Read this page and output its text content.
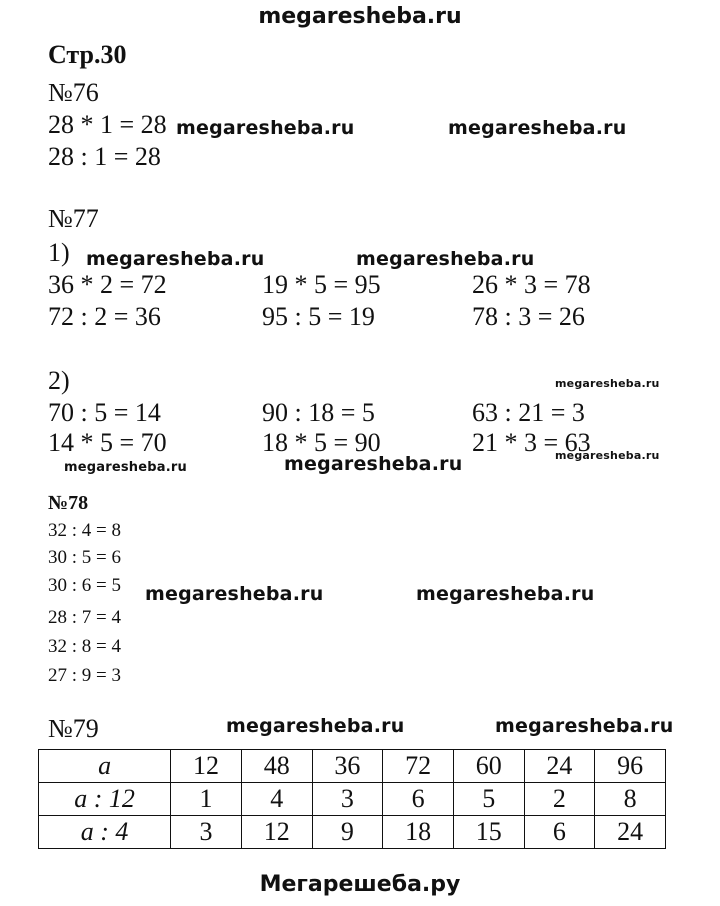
megaresheba.ru
Стр.30
№76
28 * 1 = 28
28 : 1 = 28
megaresheba.ru	megaresheba.ru
№77
1) megaresheba.ru	megaresheba.ru
36 * 2 = 72
72 : 2 = 36
19 * 5 = 95
95 : 5 = 19
26 * 3 = 78
78 : 3 = 26
2)	megaresheba.ru
70 : 5 = 14
14 * 5 = 70
90 : 18 = 5
18 * 5 = 90
63 : 21 = 3
21 * 3 = 63
megaresheba.ru
megaresheba.ru	megaresheba.ru
№78
32 : 4 = 8
30 : 5 = 6
30 : 6 = 5
28 : 7 = 4
32 : 8 = 4
27 : 9 = 3
megaresheba.ru	megaresheba.ru
№79	megaresheba.ru	megaresheba.ru
a	12	48	36	72	60	24	96
a : 12	1	4	3	6	5	2	8
a : 4	3	12	9	18	15	6	24
Мегарешеба.ру
